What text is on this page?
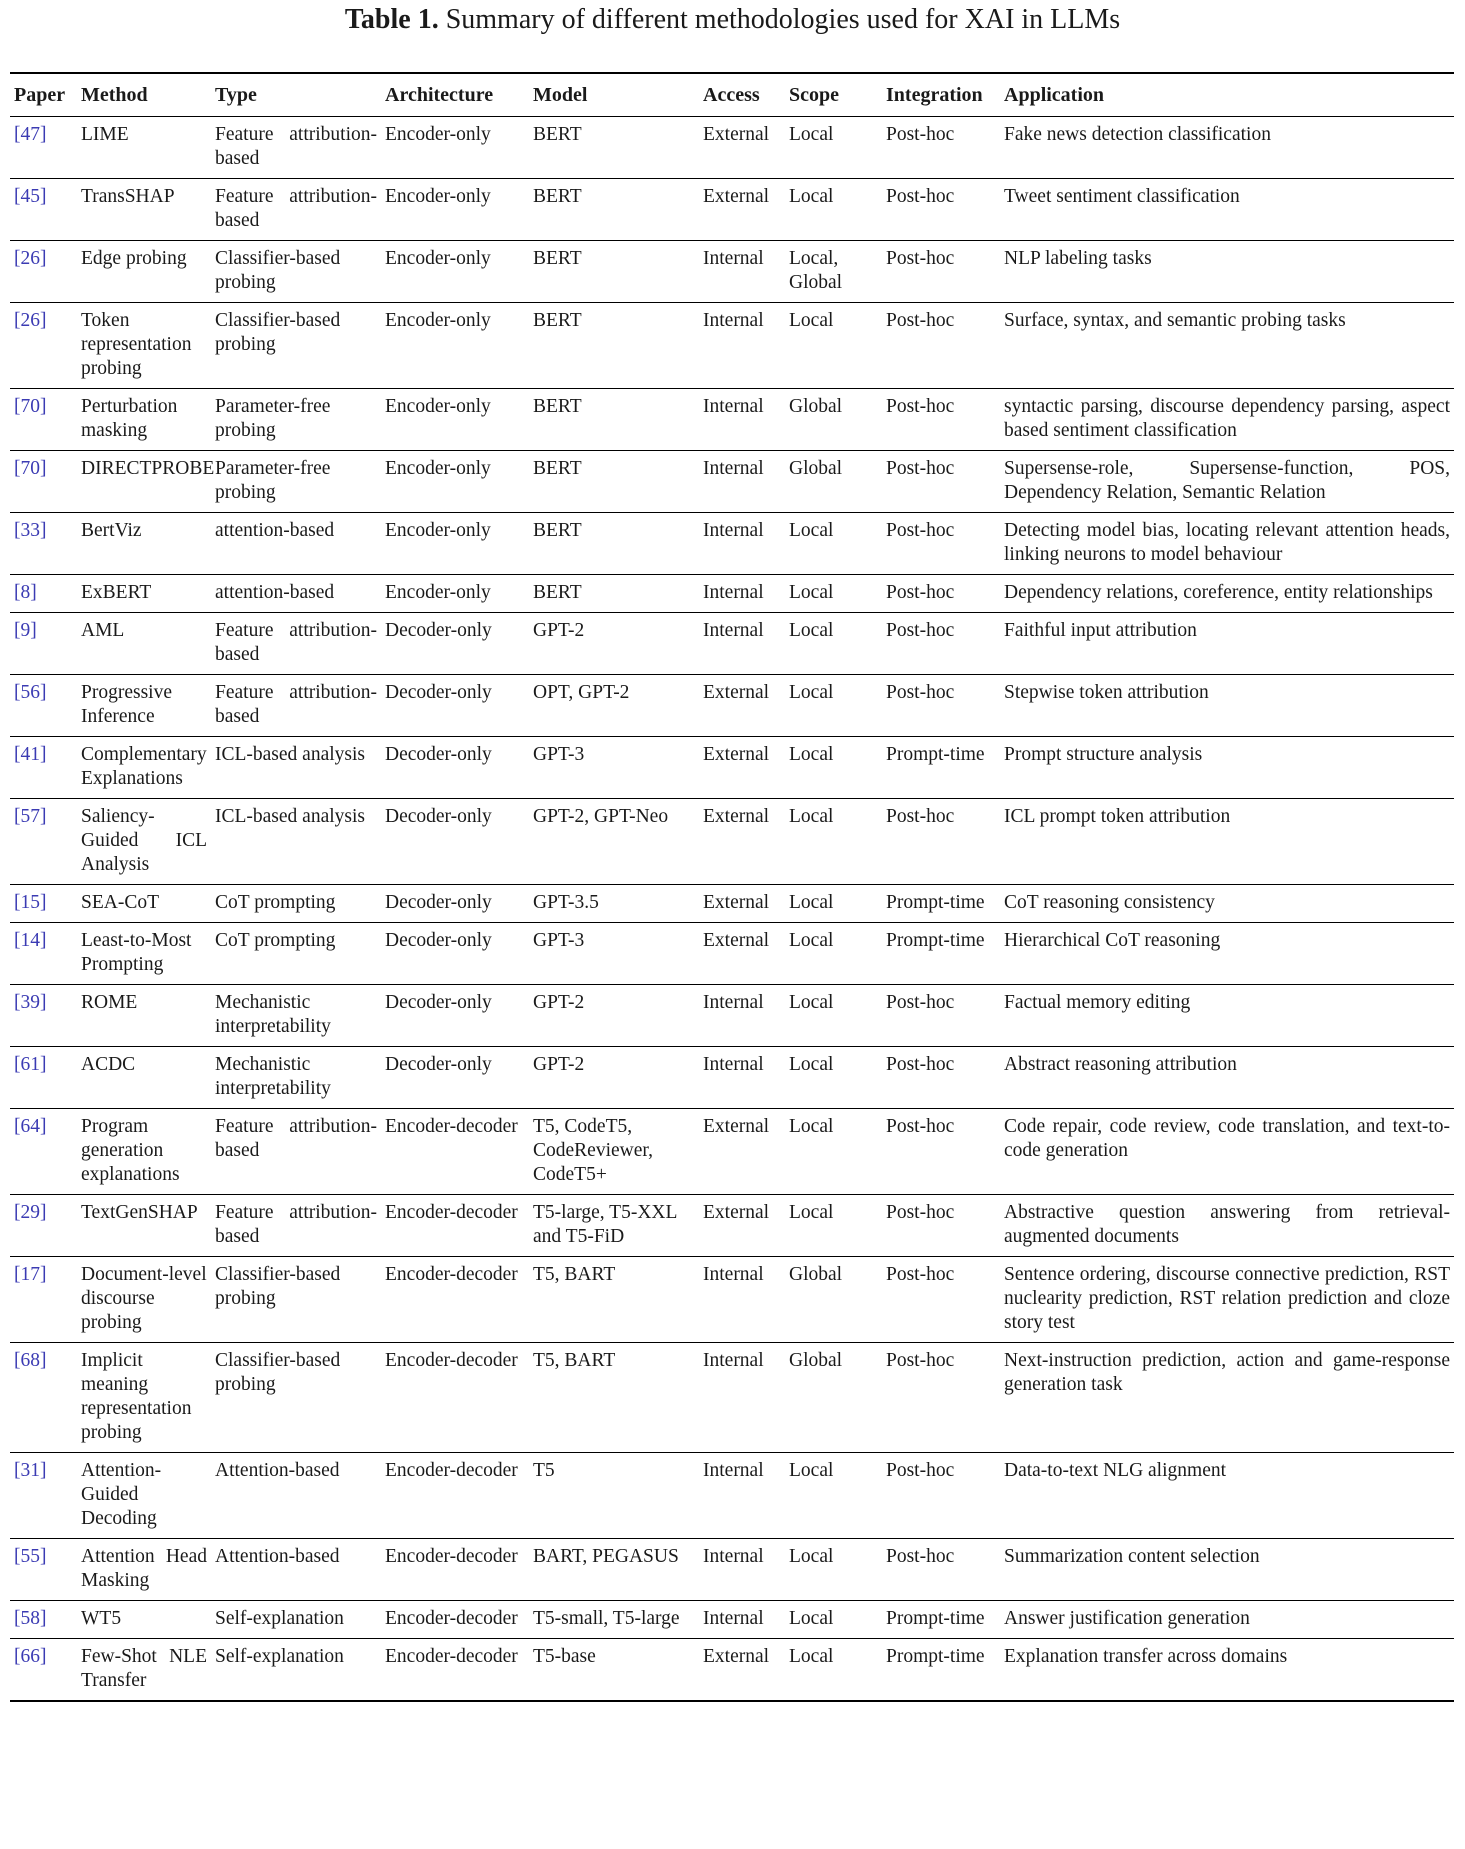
Table 1. Summary of different methodologies used for XAI in LLMs
Paper	Method	Type	Architecture	Model	Access	Scope	Integration	Application
[47]	LIME	Feature attribution-based	Encoder-only	BERT	External	Local	Post-hoc	Fake news detection classification
[45]	TransSHAP	Feature attribution-based	Encoder-only	BERT	External	Local	Post-hoc	Tweet sentiment classification
[26]	Edge probing	Classifier-based probing	Encoder-only	BERT	Internal	Local, Global	Post-hoc	NLP labeling tasks
[26]	Token representation probing	Classifier-based probing	Encoder-only	BERT	Internal	Local	Post-hoc	Surface, syntax, and semantic probing tasks
[70]	Perturbation masking	Parameter-free probing	Encoder-only	BERT	Internal	Global	Post-hoc	syntactic parsing, discourse dependency parsing, aspect based sentiment classification
[70]	DIRECTPROBE	Parameter-free probing	Encoder-only	BERT	Internal	Global	Post-hoc	Supersense-role, Supersense-function, POS, Dependency Relation, Semantic Relation
[33]	BertViz	attention-based	Encoder-only	BERT	Internal	Local	Post-hoc	Detecting model bias, locating relevant attention heads, linking neurons to model behaviour
[8]	ExBERT	attention-based	Encoder-only	BERT	Internal	Local	Post-hoc	Dependency relations, coreference, entity relationships
[9]	AML	Feature attribution-based	Decoder-only	GPT-2	Internal	Local	Post-hoc	Faithful input attribution
[56]	Progressive Inference	Feature attribution-based	Decoder-only	OPT, GPT-2	External	Local	Post-hoc	Stepwise token attribution
[41]	Complementary Explanations	ICL-based analysis	Decoder-only	GPT-3	External	Local	Prompt-time	Prompt structure analysis
[57]	Saliency-Guided ICL Analysis	ICL-based analysis	Decoder-only	GPT-2, GPT-Neo	External	Local	Post-hoc	ICL prompt token attribution
[15]	SEA-CoT	CoT prompting	Decoder-only	GPT-3.5	External	Local	Prompt-time	CoT reasoning consistency
[14]	Least-to-Most Prompting	CoT prompting	Decoder-only	GPT-3	External	Local	Prompt-time	Hierarchical CoT reasoning
[39]	ROME	Mechanistic interpretability	Decoder-only	GPT-2	Internal	Local	Post-hoc	Factual memory editing
[61]	ACDC	Mechanistic interpretability	Decoder-only	GPT-2	Internal	Local	Post-hoc	Abstract reasoning attribution
[64]	Program generation explanations	Feature attribution-based	Encoder-decoder	T5, CodeT5, CodeReviewer, CodeT5+	External	Local	Post-hoc	Code repair, code review, code translation, and text-to-code generation
[29]	TextGenSHAP	Feature attribution-based	Encoder-decoder	T5-large, T5-XXL and T5-FiD	External	Local	Post-hoc	Abstractive question answering from retrieval-augmented documents
[17]	Document-level discourse probing	Classifier-based probing	Encoder-decoder	T5, BART	Internal	Global	Post-hoc	Sentence ordering, discourse connective prediction, RST nuclearity prediction, RST relation prediction and cloze story test
[68]	Implicit meaning representation probing	Classifier-based probing	Encoder-decoder	T5, BART	Internal	Global	Post-hoc	Next-instruction prediction, action and game-response generation task
[31]	Attention-Guided Decoding	Attention-based	Encoder-decoder	T5	Internal	Local	Post-hoc	Data-to-text NLG alignment
[55]	Attention Head Masking	Attention-based	Encoder-decoder	BART, PEGASUS	Internal	Local	Post-hoc	Summarization content selection
[58]	WT5	Self-explanation	Encoder-decoder	T5-small, T5-large	Internal	Local	Prompt-time	Answer justification generation
[66]	Few-Shot NLE Transfer	Self-explanation	Encoder-decoder	T5-base	External	Local	Prompt-time	Explanation transfer across domains
